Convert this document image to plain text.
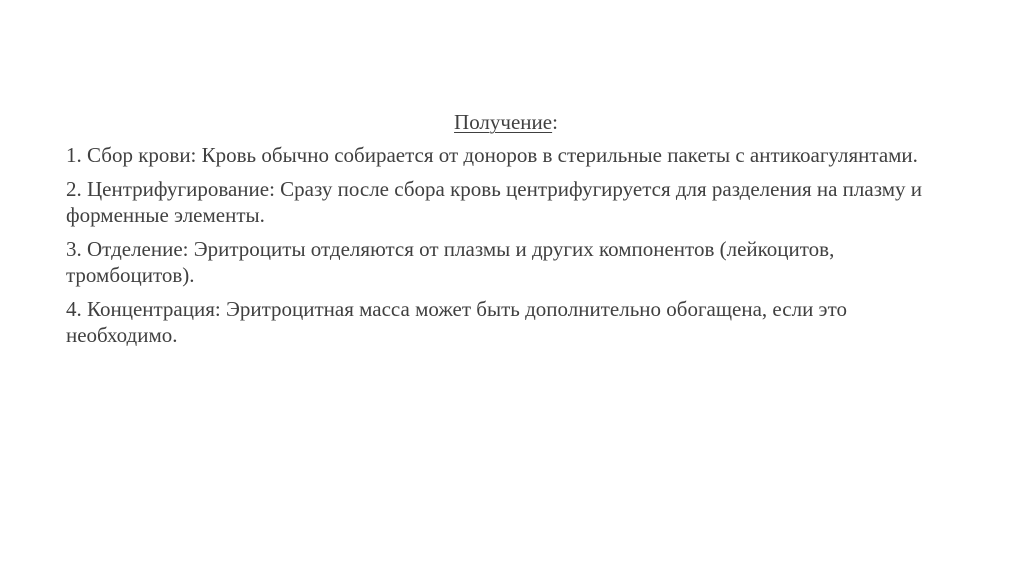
Получение:

1. Сбор крови: Кровь обычно собирается от доноров в стерильные пакеты с антикоагулянтами.

2. Центрифугирование: Сразу после сбора кровь центрифугируется для разделения на плазму и форменные элементы.

3. Отделение: Эритроциты отделяются от плазмы и других компонентов (лейкоцитов, тромбоцитов).

4. Концентрация: Эритроцитная масса может быть дополнительно обогащена, если это необходимо.
